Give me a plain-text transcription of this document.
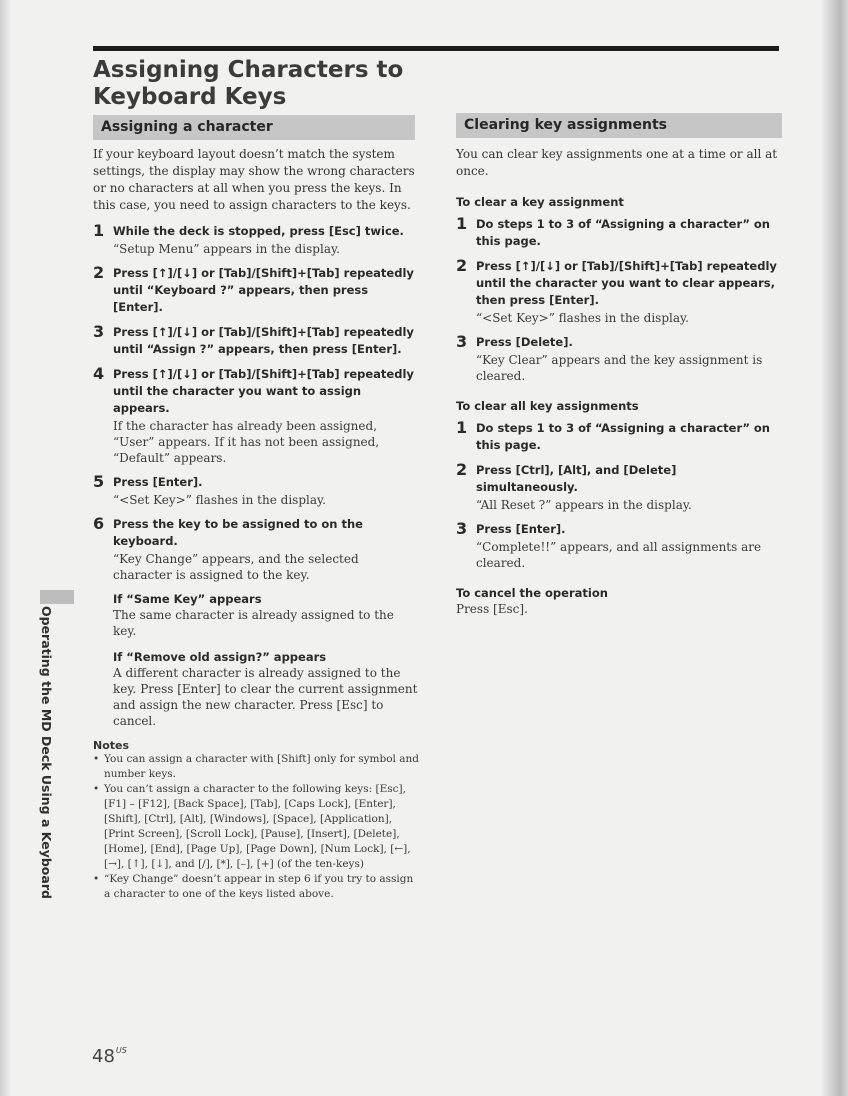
Assigning Characters to Keyboard Keys
Assigning a character

If your keyboard layout doesn’t match the system settings, the display may show the wrong characters or no characters at all when you press the keys. In this case, you need to assign characters to the keys.

1 While the deck is stopped, press [Esc] twice.

“Setup Menu” appears in the display.

2 Press [↑]/[↓] or [Tab]/[Shift]+[Tab] repeatedly until “Keyboard ?” appears, then press [Enter].

3 Press [↑]/[↓] or [Tab]/[Shift]+[Tab] repeatedly until “Assign ?” appears, then press [Enter].

4 Press [↑]/[↓] or [Tab]/[Shift]+[Tab] repeatedly until the character you want to assign appears.

If the character has already been assigned, “User” appears. If it has not been assigned, “Default” appears.

5 Press [Enter].

“<Set Key>” flashes in the display.

6 Press the key to be assigned to on the keyboard.

“Key Change” appears, and the selected character is assigned to the key.

If “Same Key” appears

The same character is already assigned to the key.

If “Remove old assign?” appears

A different character is already assigned to the key. Press [Enter] to clear the current assignment and assign the new character. Press [Esc] to cancel.

Notes

• You can assign a character with [Shift] only for symbol and number keys.

• You can’t assign a character to the following keys: [Esc], [F1] – [F12], [Back Space], [Tab], [Caps Lock], [Enter], [Shift], [Ctrl], [Alt], [Windows], [Space], [Application], [Print Screen], [Scroll Lock], [Pause], [Insert], [Delete], [Home], [End], [Page Up], [Page Down], [Num Lock], [←], [→], [↑], [↓], and [/], [*], [–], [+] (of the ten-keys)

• “Key Change” doesn’t appear in step 6 if you try to assign a character to one of the keys listed above.

Clearing key assignments

You can clear key assignments one at a time or all at once.

To clear a key assignment

1 Do steps 1 to 3 of “Assigning a character” on this page.

2 Press [↑]/[↓] or [Tab]/[Shift]+[Tab] repeatedly until the character you want to clear appears, then press [Enter].

“<Set Key>” flashes in the display.

3 Press [Delete].

“Key Clear” appears and the key assignment is cleared.

To clear all key assignments

1 Do steps 1 to 3 of “Assigning a character” on this page.

2 Press [Ctrl], [Alt], and [Delete] simultaneously.

“All Reset ?” appears in the display.

3 Press [Enter].

“Complete!!” appears, and all assignments are cleared.

To cancel the operation

Press [Esc].

Operating the MD Deck Using a Keyboard
$48^{US}$
